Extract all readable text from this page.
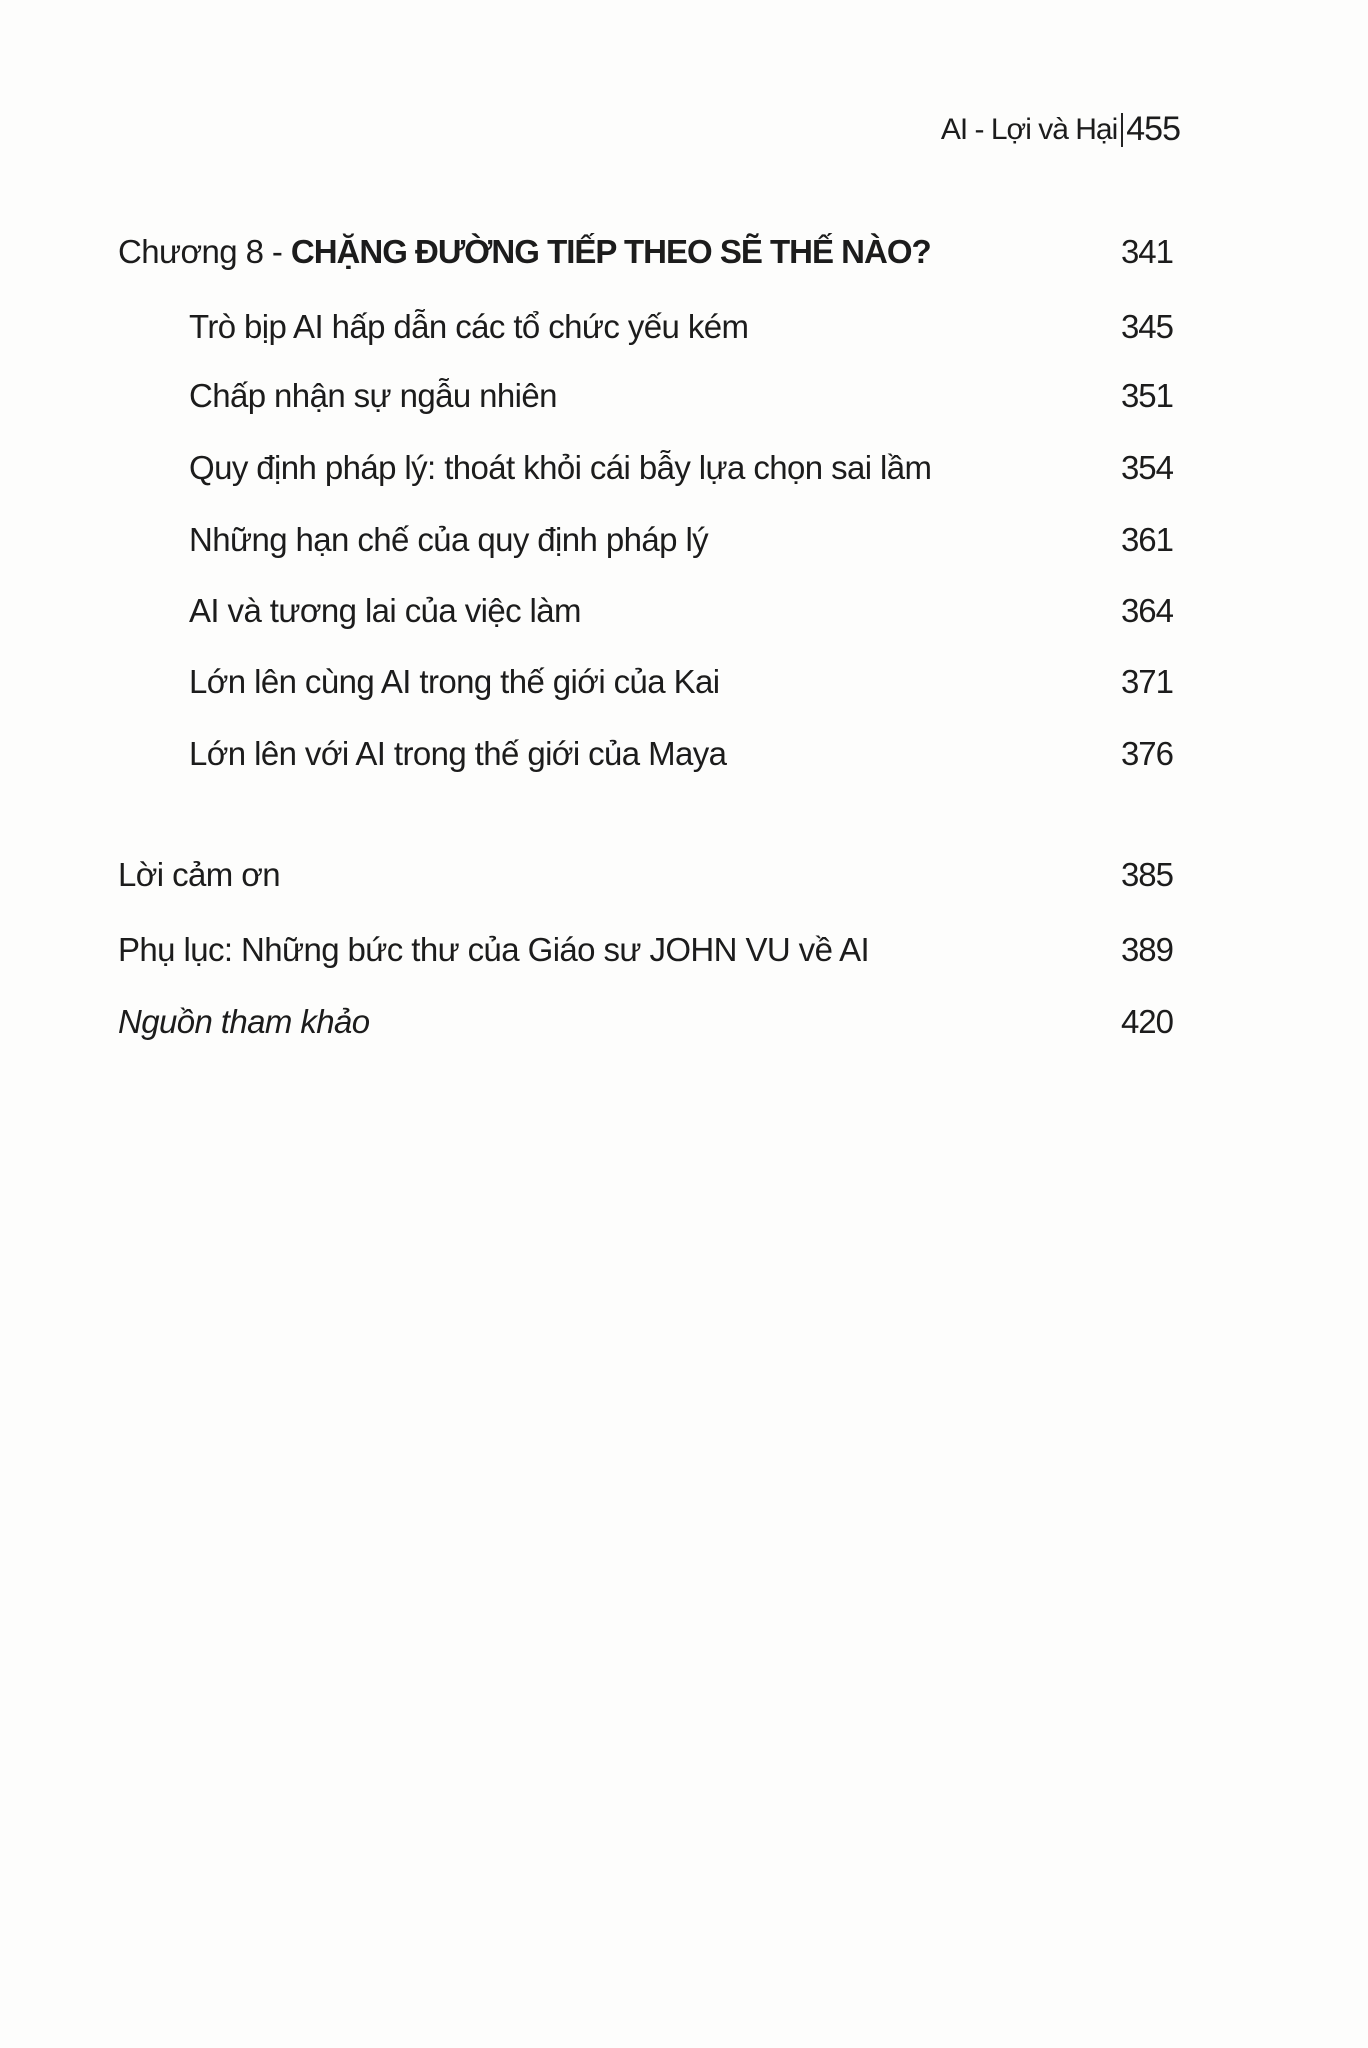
AI - Lợi và Hại 455
Chương 8 - CHẶNG ĐƯỜNG TIẾP THEO SẼ THẾ NÀO?	341
Trò bịp AI hấp dẫn các tổ chức yếu kém	345
Chấp nhận sự ngẫu nhiên	351
Quy định pháp lý: thoát khỏi cái bẫy lựa chọn sai lầm	354
Những hạn chế của quy định pháp lý	361
AI và tương lai của việc làm	364
Lớn lên cùng AI trong thế giới của Kai	371
Lớn lên với AI trong thế giới của Maya	376
Lời cảm ơn	385
Phụ lục: Những bức thư của Giáo sư JOHN VU về AI	389
Nguồn tham khảo	420
